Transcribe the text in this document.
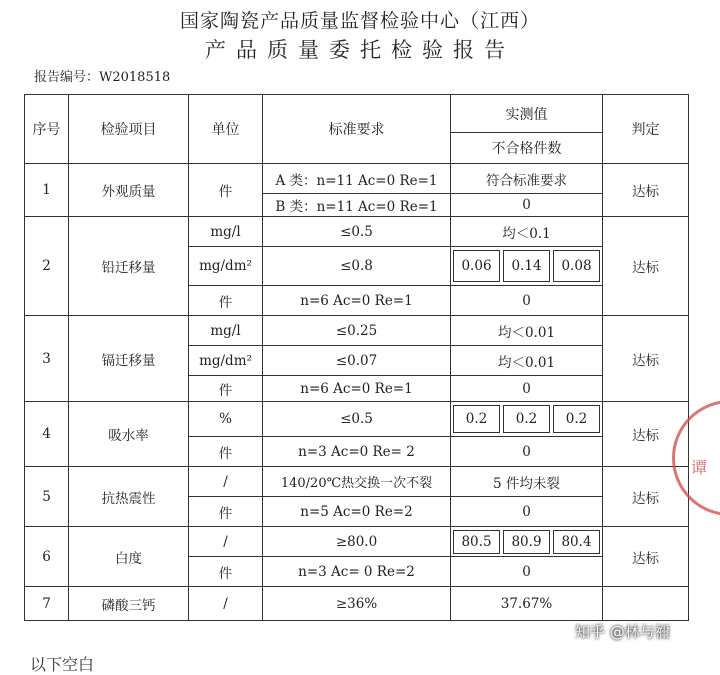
国家陶瓷产品质量监督检验中心（江西）
产品质量委托检验报告
报告编号：W2018518
序号	检验项目	单位	标准要求	实测值	判定
				不合格件数	
1	外观质量	件	A 类：n=11 Ac=0 Re=1	符合标准要求	达标
			B 类：n=11 Ac=0 Re=1	0	
2	铅迁移量	mg/l	≤0.5	均＜0.1	达标
		mg/dm²	≤0.8	0.06 0.14 0.08	

		件	n=6 Ac=0 Re=1	0	
3	镉迁移量	mg/l	≤0.25	均＜0.01	达标
		mg/dm²	≤0.07	均＜0.01	
		件	n=6 Ac=0 Re=1	0	
4	吸水率	%	≤0.5	0.2 0.2 0.2	达标
		件	n=3 Ac=0 Re= 2	0	
5	抗热震性	/	140/20℃热交换一次不裂	5 件均未裂	达标
		件	n=5 Ac=0 Re=2	0	
6	白度	/	≥80.0	80.5 80.9 80.4	达标
		件	n=3 Ac= 0 Re=2	0	
7	磷酸三钙	/	≥36%	37.67%	
谭
知乎 @林与禰
以下空白
